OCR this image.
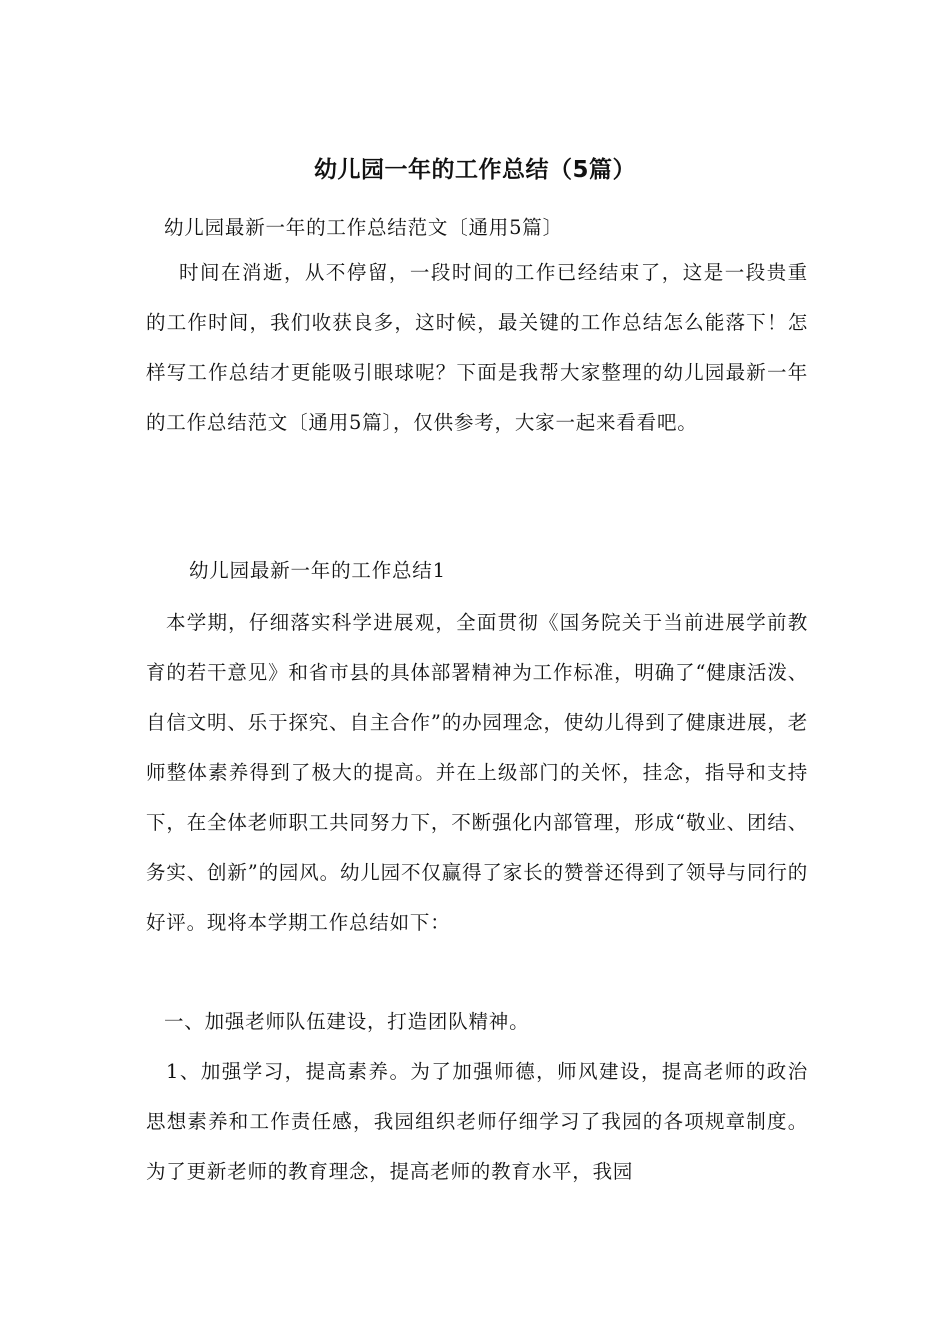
幼儿园一年的工作总结（5篇）

幼儿园最新一年的工作总结范文〔通用5篇〕

时间在消逝，从不停留，一段时间的工作已经结束了，这是一段贵重的工作时间，我们收获良多，这时候，最关键的工作总结怎么能落下！怎样写工作总结才更能吸引眼球呢？下面是我帮大家整理的幼儿园最新一年的工作总结范文〔通用5篇〕，仅供参考，大家一起来看看吧。

幼儿园最新一年的工作总结1

本学期，仔细落实科学进展观，全面贯彻《国务院关于当前进展学前教育的若干意见》和省市县的具体部署精神为工作标准，明确了“健康活泼、自信文明、乐于探究、自主合作”的办园理念，使幼儿得到了健康进展，老师整体素养得到了极大的提高。并在上级部门的关怀，挂念，指导和支持下，在全体老师职工共同努力下，不断强化内部管理，形成“敬业、团结、务实、创新”的园风。幼儿园不仅赢得了家长的赞誉还得到了领导与同行的好评。现将本学期工作总结如下：

一、加强老师队伍建设，打造团队精神。

1、加强学习，提高素养。为了加强师德，师风建设，提高老师的政治思想素养和工作责任感，我园组织老师仔细学习了我园的各项规章制度。为了更新老师的教育理念，提高老师的教育水平，我园
